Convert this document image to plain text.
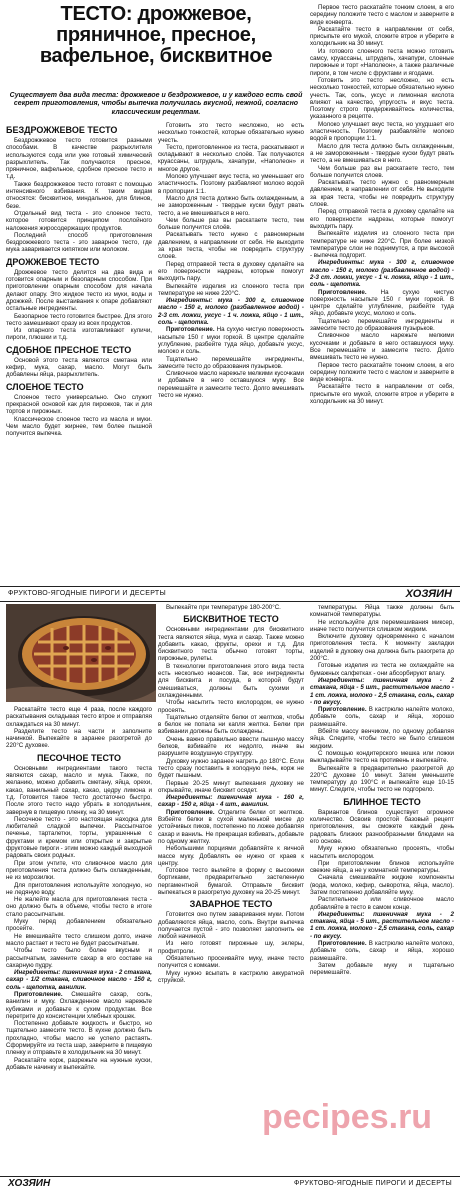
ТЕСТО: дрожжевое, пряничное, пресное, вафельное, бисквитное
Существует два вида теста: дрожжевое и бездрожжевое, и у каждого есть свой секрет приготовления, чтобы выпечка получилась вкусной, нежной, согласно классическим рецептам.
БЕЗДРОЖЖЕВОЕ ТЕСТО

Бездрожжевое тесто готовится разными способами. В качестве разрыхлителя используются сода или уже готовый химический разрыхлитель. Так получаются пресное, пряничное, вафельное, сдобное пресное тесто и т.д.

Также бездрожжевое тесто готовят с помощью интенсивного взбивания. К таким видам относятся: бисквитное, миндальное, для блинов, безе.

Отдельный вид теста - это слоеное тесто, которое готовится принципом послойного наложения жиросодержащих продуктов.

Последний способ приготовления бездрожжевого теста - это заварное тесто, где мука заваривается кипятком или молоком.

ДРОЖЖЕВОЕ ТЕСТО

Дрожжевое тесто делится на два вида и готовится опарным и безопарным способом. При приготовлении опарным способом для начала делают опару. Это жидкое тесто из муки, воды и дрожжей. После выстаивания к опаре добавляют остальные ингредиенты.

Безопарное тесто готовится быстрее. Для этого тесто замешивают сразу из всех продуктов.

Из опарного теста изготавливают куличи, пироги, плюшки и т.д.

СДОБНОЕ ПРЕСНОЕ ТЕСТО

Основой этого теста являются сметана или кефир, мука, сахар, масло. Могут быть добавлены яйца, разрыхлитель.

СЛОЕНОЕ ТЕСТО

Слоеное тесто универсально. Оно служит прекрасной основой как для пирожков, так и для тортов и пирожных.

Классическое слоеное тесто из масла и муки. Чем масло будет жирнее, тем более пышной получится выпечка.

Готовить это тесто несложно, но есть несколько тонкостей, которые обязательно нужно учесть.

Тесто, приготовленное из теста, раскатывают и складывают в несколько слоёв. Так получаются круассаны, штрудель, хачапури, «Наполеон» и многое другое.

Молоко улучшает вкус теста, но уменьшает его эластичность. Поэтому разбавляют молоко водой в пропорции 1:1.

Масло для теста должно быть охлажденным, а не замороженным - твердые куски будут рвать тесто, а не вмешиваться в него.

Чем больше раз вы раскатаете тесто, тем больше получится слоёв.

Раскатывать тесто нужно с равномерным давлением, в направлении от себя. Не выходите за края теста, чтобы не повредить структуру слоев.

Перед отправкой теста в духовку сделайте на его поверхности надрезы, которые помогут выходить пару.

Выпекайте изделия из слоеного теста при температуре не ниже 220°С.

Ингредиенты: мука - 300 г, сливочное масло - 150 г, молоко (разбавленное водой) - 2-3 ст. ложки, уксус - 1 ч. ложка, яйцо - 1 шт., соль - щепотка.

Приготовление. На сухую чистую поверхность насыпьте 150 г муки горкой. В центре сделайте углубление, разбейте туда яйцо, добавьте уксус, молоко и соль.

Тщательно перемешайте ингредиенты, замесите тесто до образования пузырьков.

Сливочное масло нарежьте мелкими кусочками и добавьте в него оставшуюся муку. Все перемешайте и замесите тесто. Долго вмешивать тесто не нужно.

Первое тесто раскатайте тонким слоем, в его середину положите тесто с маслом и заверните в виде конверта.

Раскатайте тесто в направлении от себя, присыпьте его мукой, сложите втрое и уберите в холодильник на 30 минут.

Из готового слоеного теста можно готовить самсу, круассаны, штрудель, хачапури, слоеные пирожные и торт «Наполеон», а также различные пироги, в том числе с фруктами и ягодами.

Готовить это тесто несложно, но есть несколько тонкостей, которые обязательно нужно учесть. Так, соль, уксус и лимонная кислота влияют на качество, упругость и вкус теста. Поэтому строго придерживайтесь количества, указанного в рецепте.

Молоко улучшает вкус теста, но ухудшает его эластичность. Поэтому разбавляйте молоко водой в пропорции 1:1.

Масло для теста должно быть охлажденным, а не замороженным - твердые куски будут рвать тесто, а не вмешиваться в него.

Чем больше раз вы раскатаете тесто, тем больше получится слоев.

Раскатывать тесто нужно с равномерным давлением, в направлении от себя. Не выходите за края теста, чтобы не повредить структуру слоев.

Перед отправкой теста в духовку сделайте на его поверхности надрезы, которые помогут выходить пару.

Выпекайте изделия из слоеного теста при температуре не ниже 220°С. При более низкой температуре слои не поднимутся, а при высокой - выпечка подгорит.

Ингредиенты: мука - 300 г, сливочное масло - 150 г, молоко (разбавленное водой) - 2-3 ст. ложки, уксус - 1 ч. ложка, яйцо - 1 шт., соль - щепотка.

Приготовление. На сухую чистую поверхность насыпьте 150 г муки горкой. В центре сделайте углубление, разбейте туда яйцо, добавьте уксус, молоко и соль.

Тщательно перемешайте ингредиенты и замесите тесто до образования пузырьков.

Сливочное масло нарежьте мелкими кусочками и добавьте в него оставшуюся муку. Все перемешайте и замесите тесто. Долго вмешивать тесто не нужно.

Первое тесто раскатайте тонким слоем, в его середину положите тесто с маслом и заверните в виде конверта.

Раскатайте тесто в направлении от себя, присыпьте его мукой, сложите втрое и уберите в холодильник на 30 минут.

ФРУКТОВО-ЯГОДНЫЕ ПИРОГИ И ДЕСЕРТЫ	ХОЗЯИН

Раскатайте тесто еще 4 раза, после каждого раскатывания складывая тесто втрое и отправляя охлаждаться на 30 минут.

Разделите тесто на части и заполните начинкой. Выпекайте в заранее разогретой до 220°С духовке.

ПЕСОЧНОЕ ТЕСТО

Основными ингредиентами такого теста являются сахар, масло и мука. Также, по желанию, можно добавить сметану, яйца, орехи, какао, ванильный сахар, какао, цедру лимона и т.д. Готовится такое тесто достаточно быстро. После этого тесто надо убрать в холодильник, завернув в пищевую пленку, на 30 минут.

Песочное тесто - это настоящая находка для любителей сладкой выпечки. Рассыпчатое печенье, тарталетки, торты, украшенные с фруктами и кремом или открытые и закрытые фруктовые пироги - этим можно каждый выходной радовать своих родных.

При этом учтите, что сливочное масло для приготовления теста должно быть охлажденным, не из морозилки.

Для приготовления используйте холодную, но не ледяную воду.

Не жалейте масла для приготовления теста - оно должно быть в объеме, чтобы тесто в итоге стало рассыпчатым.

Муку перед добавлением обязательно просейте.

Не вмешивайте тесто слишком долго, иначе масло растает и тесто не будет рассыпчатым.

Чтобы тесто было более вкусным и рассыпчатым, замените сахар в его составе на сахарную пудру.

Ингредиенты: пшеничная мука - 2 стакана, сахар - 1/2 стакана, сливочное масло - 150 г, соль - щепотка, ванилин.

Приготовление. Смешайте сахар, соль, ванилин и муку. Охлажденное масло нарежьте кубиками и добавьте к сухим продуктам. Все перетрите до консистенции хлебных крошек.

Постепенно добавьте жидкость и быстро, но тщательно замесите тесто. В кухне должно быть прохладно, чтобы масло не успело растаять. Сформируйте из теста шар, заверните в пищевую пленку и отправьте в холодильник на 30 минут.

Раскатайте корж, разрежьте на нужные куски, добавьте начинку и выпекайте.

Выпекайте при температуре 180-200°С.

БИСКВИТНОЕ ТЕСТО

Основными ингредиентами для бисквитного теста являются яйца, мука и сахар. Также можно добавить какао, фрукты, орехи и т.д. Для бисквитного теста обычно готовят торты, пирожные, рулеты.

В технологии приготовления этого вида теста есть несколько нюансов. Так, все ингредиенты для бисквита и посуда, в которой будут смешиваться, должны быть сухими и охлажденными.

Чтобы насытить тесто кислородом, ее нужно просеять.

Тщательно отделяйте белки от желтков, чтобы в белок не попала ни капля желтка. Белки при взбивании должны быть охлаждены.

Очень важно правильно ввести пышную массу белков, взбивайте их недолго, иначе вы разрушите воздушную структуру.

Духовку нужно заранее нагреть до 180°С. Если тесто сразу поставить в холодную печь, корж не будет пышным.

Первые 20-25 минут выпекания духовку не открывайте, иначе бисквит осядет.

Ингредиенты: пшеничная мука - 160 г, сахар - 150 г, яйца - 4 шт., ванилин.

Приготовление. Отделите белки от желтков. Взбейте белки в сухой маленькой миске до устойчивых пиков, постепенно по ложке добавляя сахар и ваниль. Не прекращая взбивать, добавьте по одному желтку.

Небольшими порциями добавляйте к яичной массе муку. Добавлять ее нужно от краев к центру.

Готовое тесто вылейте в форму с высокими бортиками, предварительно застеленную пергаментной бумагой. Отправьте бисквит выпекаться в разогретую духовку на 20-25 минут.

ЗАВАРНОЕ ТЕСТО

Готовится оно путем заваривания муки. Потом добавляются яйца, масло, соль. Внутри выпечка получается пустой - это позволяет заполнить ее любой начинкой.

Из него готовят пирожные шу, эклеры, профитроли.

Обязательно просеивайте муку, иначе тесто получится с комками.

Муку нужно всыпать в кастрюлю аккуратной струйкой.

температуры. Яйца также должны быть комнатной температуры.

Не используйте для перемешивания миксер, иначе тесто получится слишком жидким.

Включите духовку одновременно с началом приготовления теста. К моменту закладки изделий в духовку она должна быть разогрета до 200°С.

Готовые изделия из теста не охлаждайте на бумажных салфетках - они абсорбируют влагу.

Ингредиенты: пшеничная мука - 2 стакана, яйца - 5 шт., растительное масло - 1 ст. ложка, молоко - 2,5 стакана, соль, сахар - по вкусу.

Приготовление. В кастрюлю налейте молоко, добавьте соль, сахар и яйца, хорошо размешайте.

Вбейте массу венчиком, по одному добавляя яйца. Следите, чтобы тесто не было слишком жидким.

С помощью кондитерского мешка или ложки выкладывайте тесто на противень и выпекайте.

Выпекайте в предварительно разогретой до 220°С духовке 10 минут. Затем уменьшите температуру до 190°С и выпекайте еще 10-15 минут. Следите, чтобы тесто не подгорело.

БЛИННОЕ ТЕСТО

Вариантов блинов существует огромное количество. Освоив простой базовый рецепт приготовления, вы сможете каждый день радовать близких разнообразными блюдами на его основе.

Муку нужно обязательно просеять, чтобы насытить кислородом.

При приготовлении блинов используйте свежие яйца, а не у комнатной температуры.

Сначала смешивайте жидкие компоненты (вода, молоко, кефир, сыворотка, яйца, масло). Затем постепенно добавляйте муку.

Растительное или сливочное масло добавляйте в тесто в самом конце.

Ингредиенты: пшеничная мука - 2 стакана, яйца - 5 шт., растительное масло - 1 ст. ложка, молоко - 2,5 стакана, соль, сахар - по вкусу.

Приготовление. В кастрюлю налейте молоко, добавьте соль, сахар и яйца, хорошо размешайте.

Затем добавьте муку и тщательно перемешайте.

pecipes.ru
ХОЗЯИН	ФРУКТОВО-ЯГОДНЫЕ ПИРОГИ И ДЕСЕРТЫ
